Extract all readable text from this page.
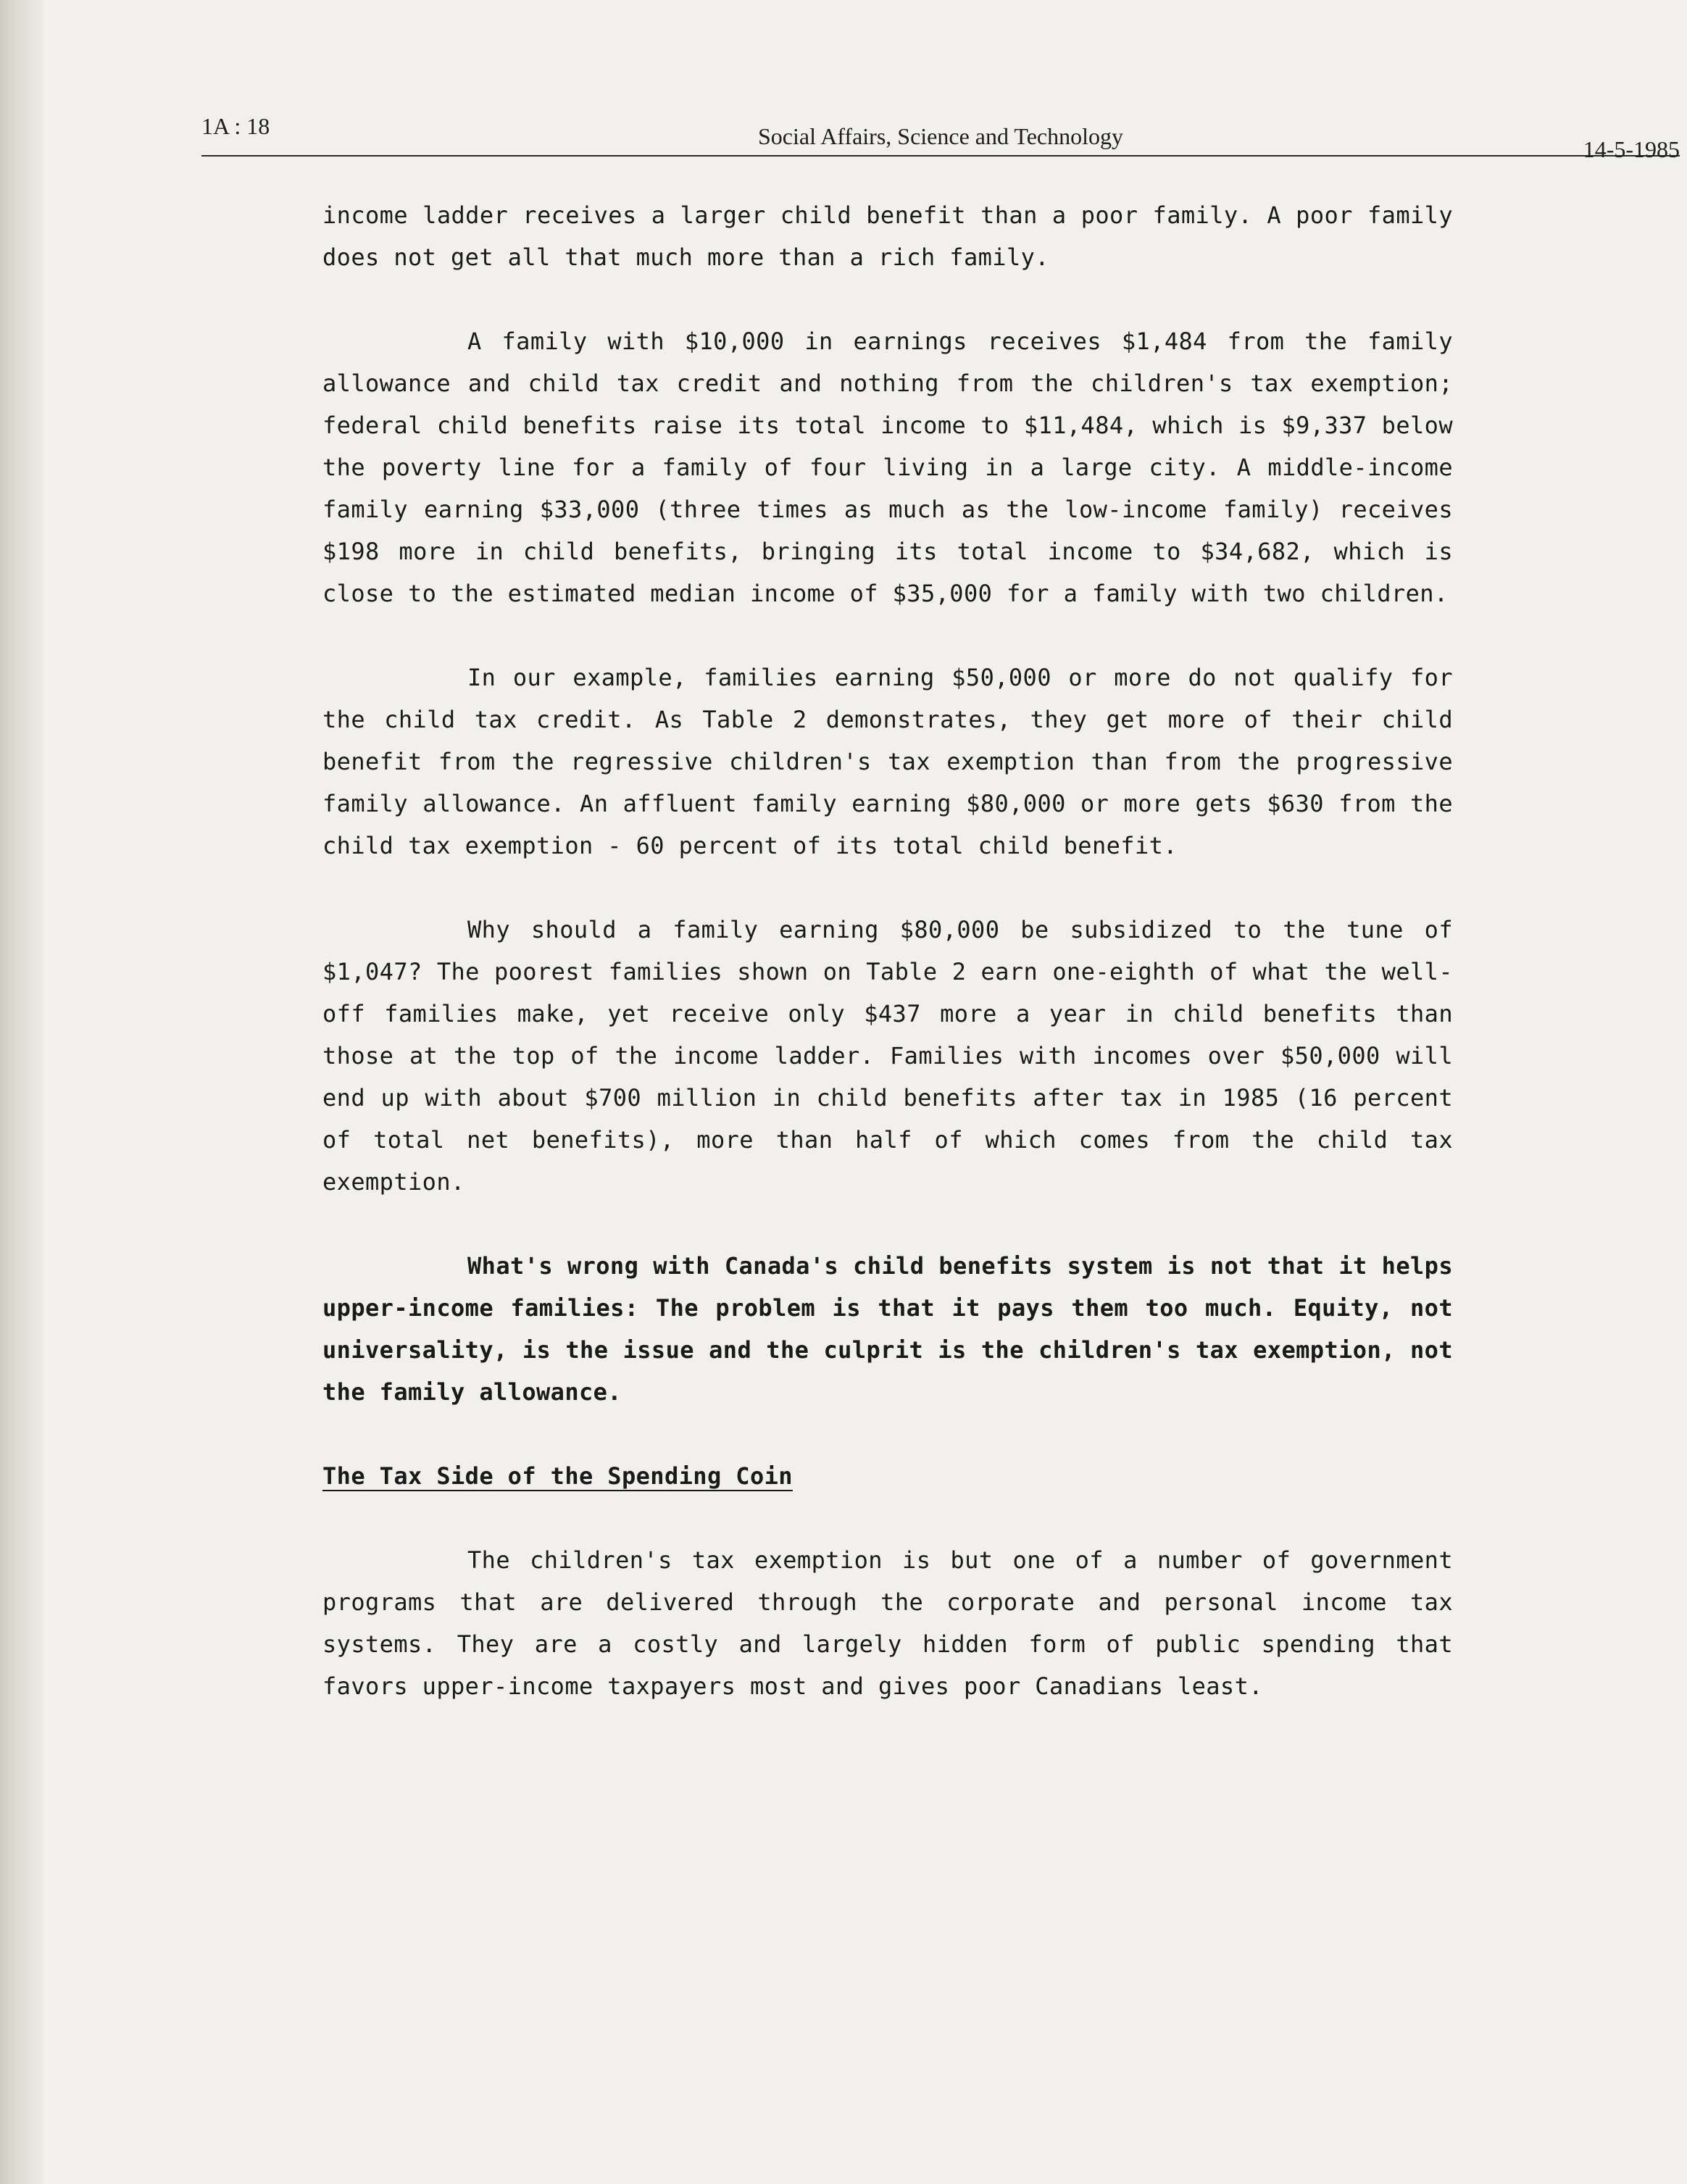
1A : 18	Social Affairs, Science and Technology	14-5-1985

income ladder receives a larger child benefit than a poor family. A poor family does not get all that much more than a rich family.

A family with $10,000 in earnings receives $1,484 from the family allowance and child tax credit and nothing from the children's tax exemption; federal child benefits raise its total income to $11,484, which is $9,337 below the poverty line for a family of four living in a large city. A middle-income family earning $33,000 (three times as much as the low-income family) receives $198 more in child benefits, bringing its total income to $34,682, which is close to the estimated median income of $35,000 for a family with two children.

In our example, families earning $50,000 or more do not qualify for the child tax credit. As Table 2 demonstrates, they get more of their child benefit from the regressive children's tax exemption than from the progressive family allowance. An affluent family earning $80,000 or more gets $630 from the child tax exemption - 60 percent of its total child benefit.

Why should a family earning $80,000 be subsidized to the tune of $1,047? The poorest families shown on Table 2 earn one-eighth of what the well-off families make, yet receive only $437 more a year in child benefits than those at the top of the income ladder. Families with incomes over $50,000 will end up with about $700 million in child benefits after tax in 1985 (16 percent of total net benefits), more than half of which comes from the child tax exemption.

What's wrong with Canada's child benefits system is not that it helps upper-income families: The problem is that it pays them too much. Equity, not universality, is the issue and the culprit is the children's tax exemption, not the family allowance.

The Tax Side of the Spending Coin

The children's tax exemption is but one of a number of government programs that are delivered through the corporate and personal income tax systems. They are a costly and largely hidden form of public spending that favors upper-income taxpayers most and gives poor Canadians least.
